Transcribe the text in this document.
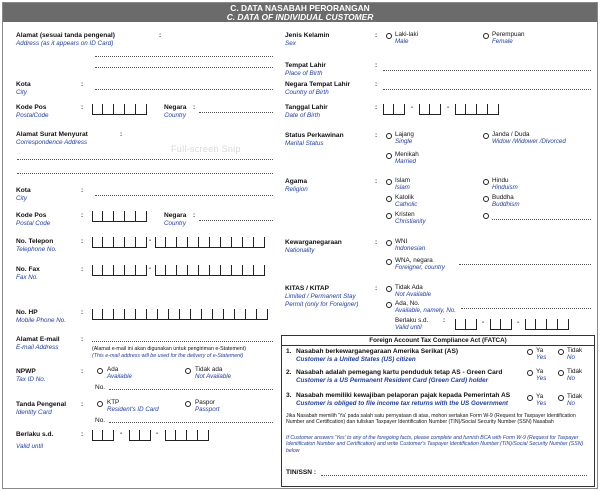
C. DATA NASABAH PERORANGAN
C. DATA OF INDIVIDUAL CUSTOMER
Full-screen Snip
Alamat (sesuai tanda pengenal)
Address (as it appears on ID Card)
:
Kota
City
:
Kode Pos
PostalCode
:	Negara
Country
:
Alamat Surat Menyurat
Correspondence Address
:
Kota
City
:
Kode Pos
Postal Code
:	Negara
Country
:
No. Telepon
Telephone No.
:	-
No. Fax
Fax No.
:	-
No. HP
Mobile Phone No.
:
Alamat E-mail
E-mail Address
:
(Alamat e-mail ini akan digunakan untuk pengiriman e-Statement)
(This e-mail address will be used for the delivery of e-Statement)
NPWP
Tax ID No.
:	Ada
Available
Tidak ada
Not Available
No.
Tanda Pengenal
Identity Card
:	KTP
Resident's ID Card
Paspor
Passport
No.
Berlaku s.d.
Valid until
:	-	-
Jenis Kelamin
Sex
:	Laki-laki
Male
Perempuan
Female
Tempat Lahir
Place of Birth
:
Negara Tempat Lahir
Country of Birth
:
Tanggal Lahir
Date of Birth
:	-	-
Status Perkawinan
Marital Status
:	Lajang
Single
Janda / Duda
Widow /Widower /Divorced
Menikah
Married
Agama
Religion
:	Islam
Islam
Hindu
Hinduism
Katolik
Catholic
Buddha
Buddhism
Kristen
Christianity
Kewarganegaraan
Nationality
:	WNI
Indonesian
WNA, negara
Foreigner, country
KITAS / KITAP
Limited / Permanent Stay
Permit (only for Foreigner)
:	Tidak Ada
Not Available
Ada, No.
Available, namely, No.
Berlaku s.d.
Valid until
:	-	-
Foreign Account Tax Compliance Act (FATCA)
1. Nasabah berkewarganegaraan Amerika Serikat (AS)
Customer is a United States (US) citizen
Ya
Yes
Tidak
No
2. Nasabah adalah pemegang kartu penduduk tetap AS - Green Card
Customer is a US Permanent Resident Card (Green Card) holder
Ya
Yes
Tidak
No
3. Nasabah memiliki kewajiban pelaporan pajak kepada Pemerintah AS
Customer is obliged to file income tax returns with the US Government
Ya
Yes
Tidak
No
Jika Nasabah memilih 'Ya' pada salah satu pernyataan di atas, mohon sertakan Form W-9 (Request for Taxpayer Identification Number and Certification) dan tuliskan Taxpayer Identification Number (TIN)/Social Security Number (SSN) Nasabah
If Customer answers 'Yes' to any of the foregoing facts, please complete and furnish BCA with Form W-9 (Request for Taxpayer Identification Number and Certification) and write Customer's Taxpayer Identification Number (TIN)/Social Security Number (SSN) below
TIN/SSN :
